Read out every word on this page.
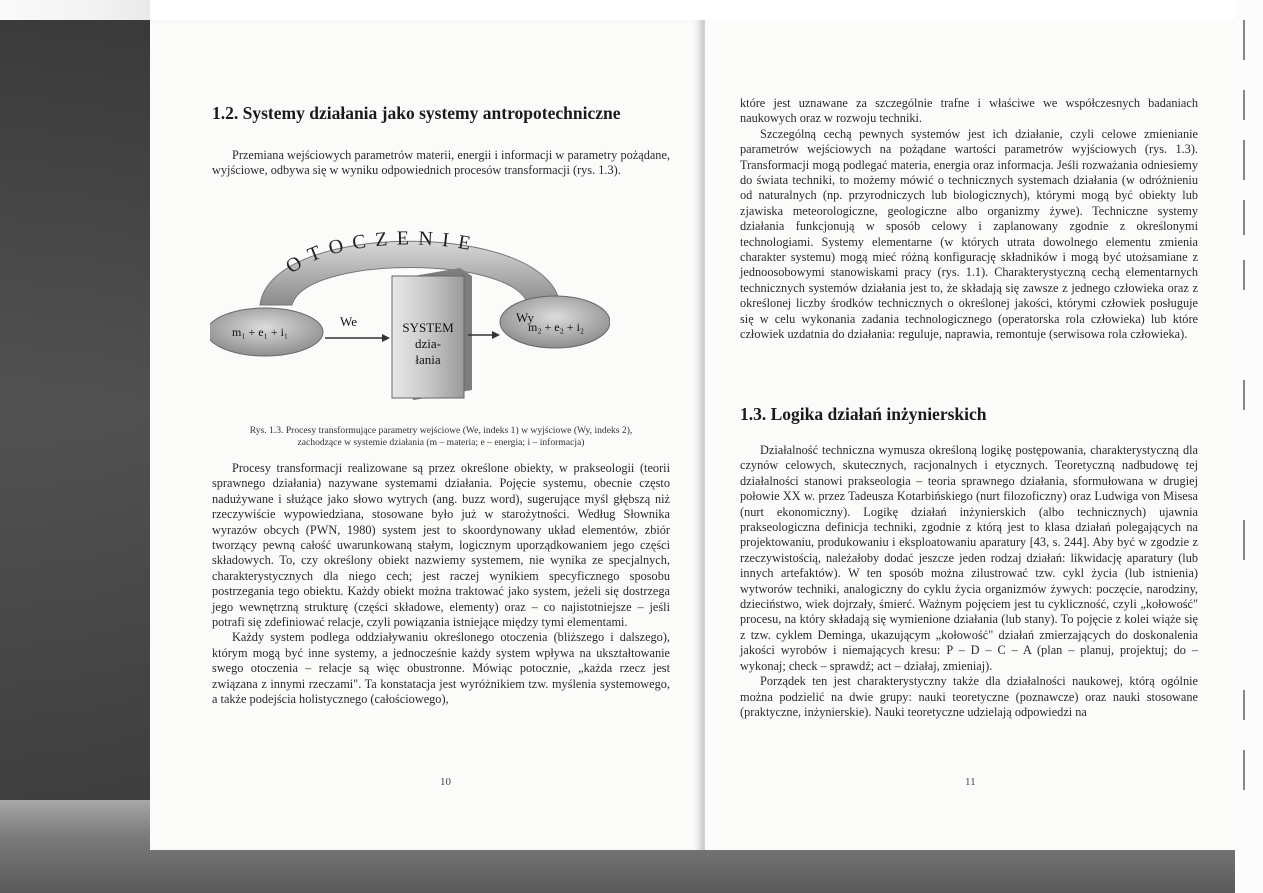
1.2. Systemy działania jako systemy antropotechniczne

Przemiana wejściowych parametrów materii, energii i informacji w parametry pożądane, wyjściowe, odbywa się w wyniku odpowiednich procesów transformacji (rys. 1.3).

O T O C Z E N I E
m₁ + e₁ + i₁	m₂ + e₂ + i₂
We	Wy
SYSTEM
dzia-
łania
Rys. 1.3. Procesy transformujące parametry wejściowe (We, indeks 1) w wyjściowe (Wy, indeks 2),
zachodzące w systemie działania (m – materia; e – energia; i – informacja)

Procesy transformacji realizowane są przez określone obiekty, w prakseologii (teorii sprawnego działania) nazywane systemami działania. Pojęcie systemu, obecnie często nadużywane i służące jako słowo wytrych (ang. buzz word), sugerujące myśl głębszą niż rzeczywiście wypowiedziana, stosowane było już w starożytności. Według Słownika wyrazów obcych (PWN, 1980) system jest to skoordynowany układ elementów, zbiór tworzący pewną całość uwarunkowaną stałym, logicznym uporządkowaniem jego części składowych. To, czy określony obiekt nazwiemy systemem, nie wynika ze specjalnych, charakterystycznych dla niego cech; jest raczej wynikiem specyficznego sposobu postrzegania tego obiektu. Każdy obiekt można traktować jako system, jeżeli się dostrzega jego wewnętrzną strukturę (części składowe, elementy) oraz – co najistotniejsze – jeśli potrafi się zdefiniować relacje, czyli powiązania istniejące między tymi elementami.

Każdy system podlega oddziaływaniu określonego otoczenia (bliższego i dalszego), którym mogą być inne systemy, a jednocześnie każdy system wpływa na ukształtowanie swego otoczenia – relacje są więc obustronne. Mówiąc potocznie, „każda rzecz jest związana z innymi rzeczami". Ta konstatacja jest wyróżnikiem tzw. myślenia systemowego, a także podejścia holistycznego (całościowego),

10

które jest uznawane za szczególnie trafne i właściwe we współczesnych badaniach naukowych oraz w rozwoju techniki.

Szczególną cechą pewnych systemów jest ich działanie, czyli celowe zmienianie parametrów wejściowych na pożądane wartości parametrów wyjściowych (rys. 1.3). Transformacji mogą podlegać materia, energia oraz informacja. Jeśli rozważania odniesiemy do świata techniki, to możemy mówić o technicznych systemach działania (w odróżnieniu od naturalnych (np. przyrodniczych lub biologicznych), którymi mogą być obiekty lub zjawiska meteorologiczne, geologiczne albo organizmy żywe). Techniczne systemy działania funkcjonują w sposób celowy i zaplanowany zgodnie z określonymi technologiami. Systemy elementarne (w których utrata dowolnego elementu zmienia charakter systemu) mogą mieć różną konfigurację składników i mogą być utożsamiane z jednoosobowymi stanowiskami pracy (rys. 1.1). Charakterystyczną cechą elementarnych technicznych systemów działania jest to, że składają się zawsze z jednego człowieka oraz z określonej liczby środków technicznych o określonej jakości, którymi człowiek posługuje się w celu wykonania zadania technologicznego (operatorska rola człowieka) lub które człowiek uzdatnia do działania: reguluje, naprawia, remontuje (serwisowa rola człowieka).

1.3. Logika działań inżynierskich

Działalność techniczna wymusza określoną logikę postępowania, charakterystyczną dla czynów celowych, skutecznych, racjonalnych i etycznych. Teoretyczną nadbudowę tej działalności stanowi prakseologia – teoria sprawnego działania, sformułowana w drugiej połowie XX w. przez Tadeusza Kotarbińskiego (nurt filozoficzny) oraz Ludwiga von Misesa (nurt ekonomiczny). Logikę działań inżynierskich (albo technicznych) ujawnia prakseologiczna definicja techniki, zgodnie z którą jest to klasa działań polegających na projektowaniu, produkowaniu i eksploatowaniu aparatury [43, s. 244]. Aby być w zgodzie z rzeczywistością, należałoby dodać jeszcze jeden rodzaj działań: likwidację aparatury (lub innych artefaktów). W ten sposób można zilustrować tzw. cykl życia (lub istnienia) wytworów techniki, analogiczny do cyklu życia organizmów żywych: poczęcie, narodziny, dzieciństwo, wiek dojrzały, śmierć. Ważnym pojęciem jest tu cykliczność, czyli „kołowość" procesu, na który składają się wymienione działania (lub stany). To pojęcie z kolei wiąże się z tzw. cyklem Deminga, ukazującym „kołowość" działań zmierzających do doskonalenia jakości wyrobów i niemających kresu: P – D – C – A (plan – planuj, projektuj; do – wykonaj; check – sprawdź; act – działaj, zmieniaj).

Porządek ten jest charakterystyczny także dla działalności naukowej, którą ogólnie można podzielić na dwie grupy: nauki teoretyczne (poznawcze) oraz nauki stosowane (praktyczne, inżynierskie). Nauki teoretyczne udzielają odpowiedzi na

11
